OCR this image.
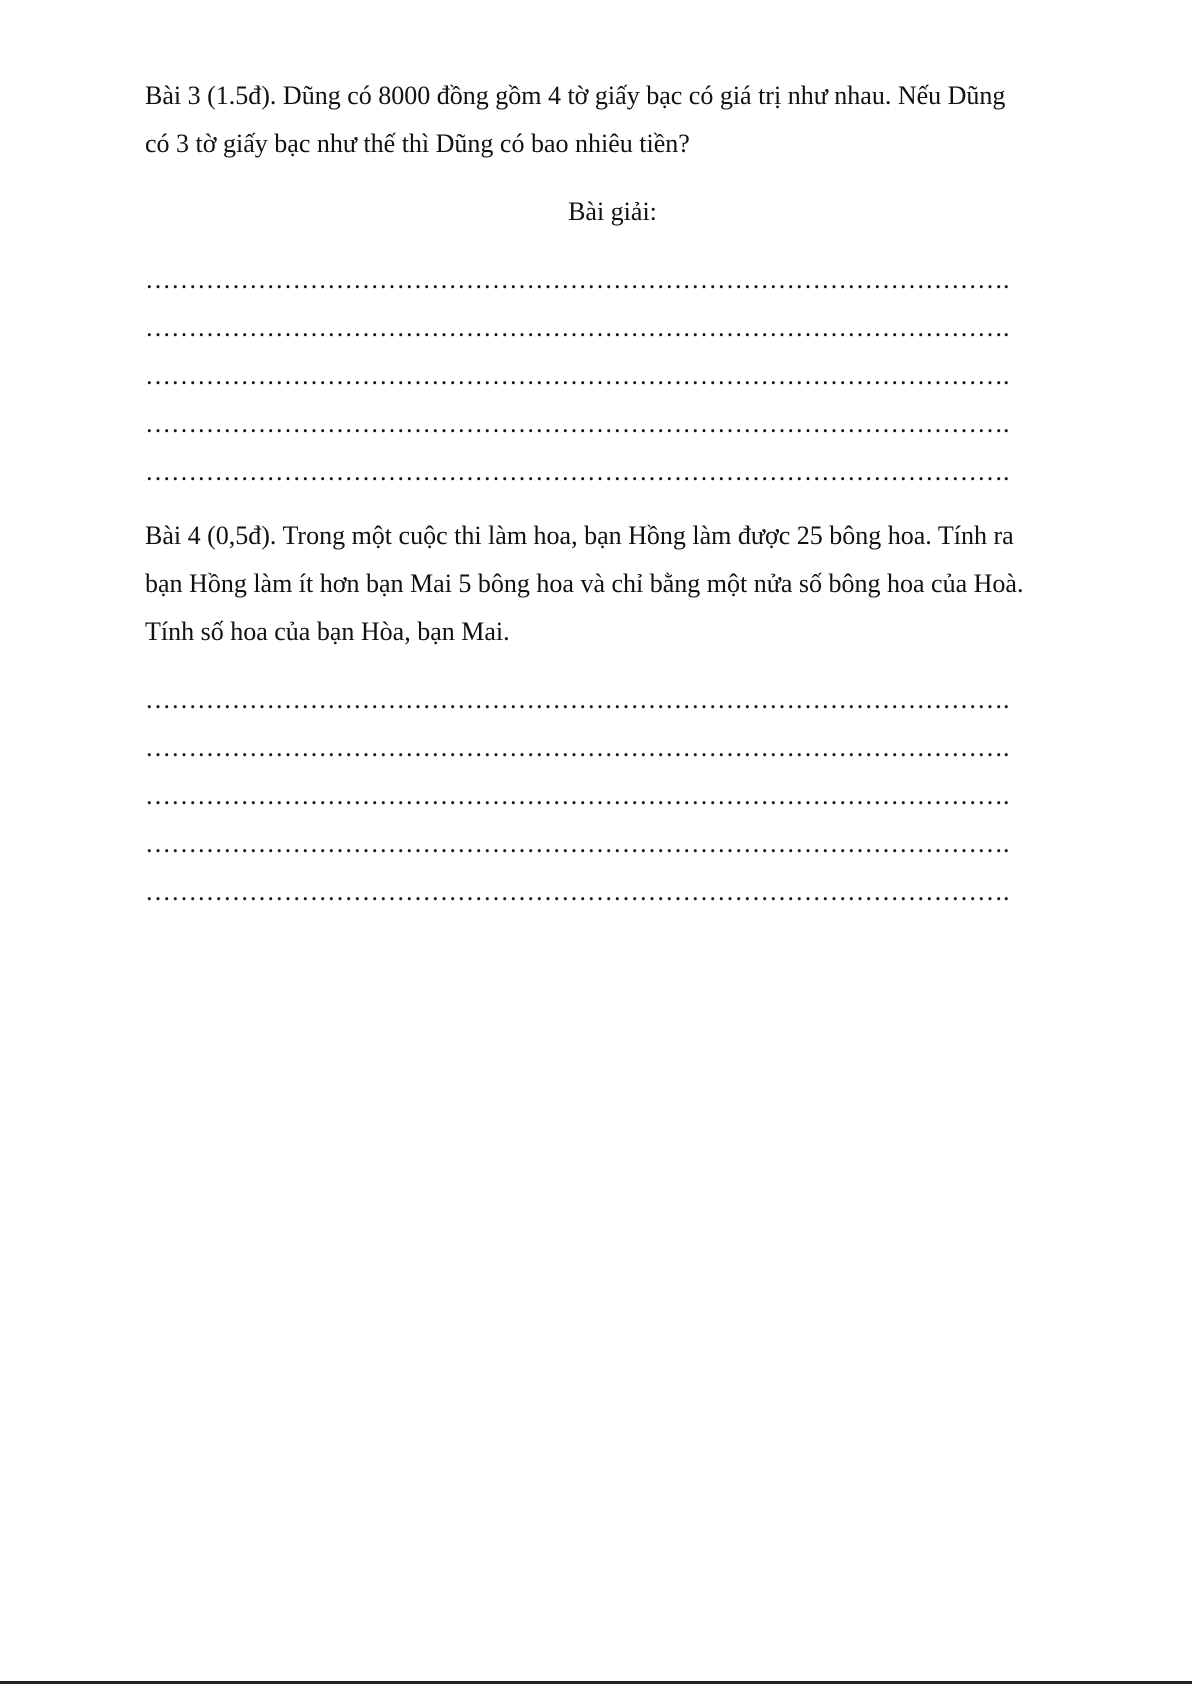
Bài 3 (1.5đ). Dũng có 8000 đồng gồm 4 tờ giấy bạc có giá trị như nhau. Nếu Dũng

có 3 tờ giấy bạc như thế thì Dũng có bao nhiêu tiền?

Bài giải:

……………………………………………………………………………………….

……………………………………………………………………………………….

……………………………………………………………………………………….

……………………………………………………………………………………….

……………………………………………………………………………………….

Bài 4 (0,5đ). Trong một cuộc thi làm hoa, bạn Hồng làm được 25 bông hoa. Tính ra

bạn Hồng làm ít hơn bạn Mai 5 bông hoa và chỉ bằng một nửa số bông hoa của Hoà.

Tính số hoa của bạn Hòa, bạn Mai.

……………………………………………………………………………………….

……………………………………………………………………………………….

……………………………………………………………………………………….

……………………………………………………………………………………….

……………………………………………………………………………………….
